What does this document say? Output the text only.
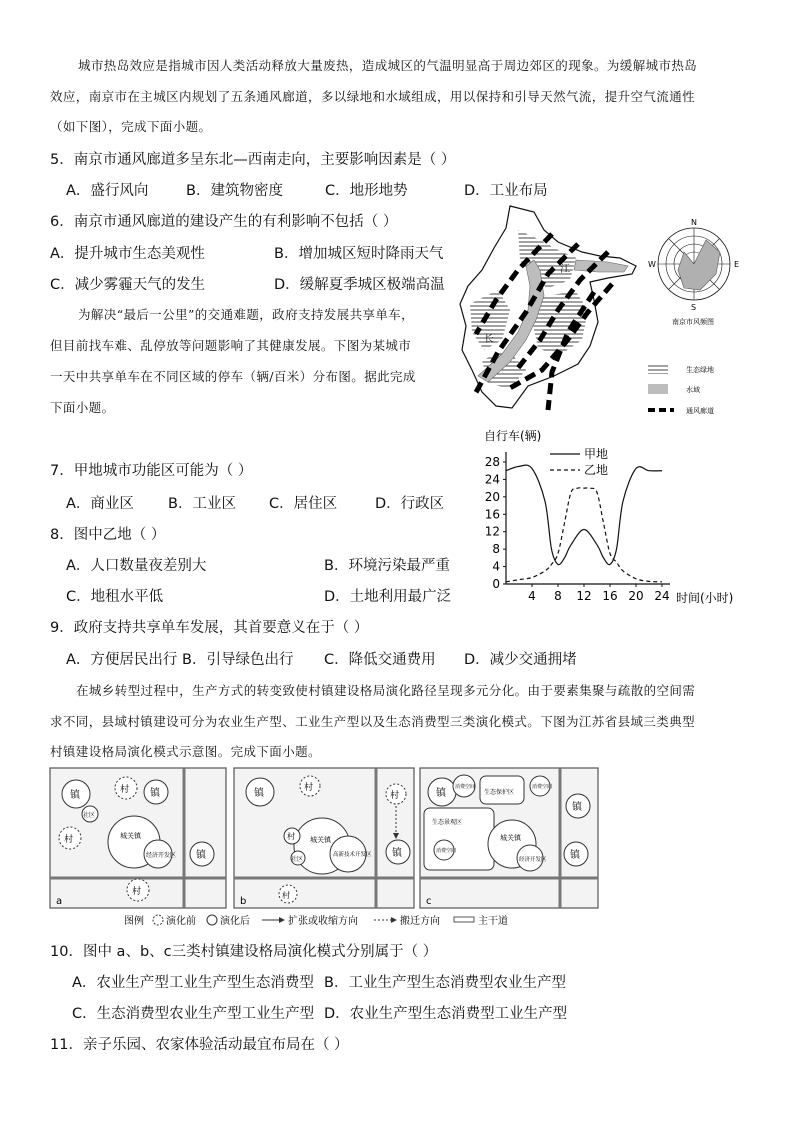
城市热岛效应是指城市因人类活动释放大量废热，造成城区的气温明显高于周边郊区的现象。为缓解城市热岛
效应，南京市在主城区内规划了五条通风廊道，多以绿地和水域组成，用以保持和引导天然气流，提升空气流通性
（如下图），完成下面小题。
5．南京市通风廊道多呈东北—西南走向，主要影响因素是（ ）
A．盛行风向	B．建筑物密度	C．地形地势	D．工业布局
6．南京市通风廊道的建设产生的有利影响不包括（ ）
A．提升城市生态美观性	B．增加城区短时降雨天气
C．减少雾霾天气的发生	D．缓解夏季城区极端高温
为解决“最后一公里”的交通难题，政府支持发展共享单车，
但目前找车难、乱停放等问题影响了其健康发展。下图为某城市
一天中共享单车在不同区域的停车（辆/百米）分布图。据此完成
下面小题。
7．甲地城市功能区可能为（ ）
A．商业区 B．工业区 C．居住区	D．行政区
8．图中乙地（ ）
A．人口数量夜差别大	B．环境污染最严重
C．地租水平低	D．土地利用最广泛
9．政府支持共享单车发展，其首要意义在于（ ）
A．方便居民出行 B．引导绿色出行 C．降低交通费用 D．减少交通拥堵
在城乡转型过程中，生产方式的转变致使村镇建设格局演化路径呈现多元分化。由于要素集聚与疏散的空间需
求不同，县域村镇建设可分为农业生产型、工业生产型以及生态消费型三类演化模式。下图为江苏省县域三类典型
村镇建设格局演化模式示意图。完成下面小题。
10．图中 a、b、c三类村镇建设格局演化模式分别属于（ ）
A．农业生产型工业生产型生态消费型 B．工业生产型生态消费型农业生产型
C．生态消费型农业生产型工业生产型 D．农业生产型生态消费型工业生产型
11．亲子乐园、农家体验活动最宜布局在（ ）
江
长
N
S
E
W
南京市风频图
生态绿地
水域
通风廊道
自行车(辆)
0
4
8
12
16
20
24
28
4 8 12 16 20 24
甲地
乙地
时间(小时)
镇	村 镇
社区
村	城关镇
经济开发区 镇
村
a
镇	村
城关镇
高新技术开发区
村
社区
镇
村
村
b
镇
消费空间
生态保护区
消费空间
镇
生态景观区
消费空间
城关镇
经济开发区 镇
c
图例 演化前 演化后	扩张或收缩方向	搬迁方向	主干道
